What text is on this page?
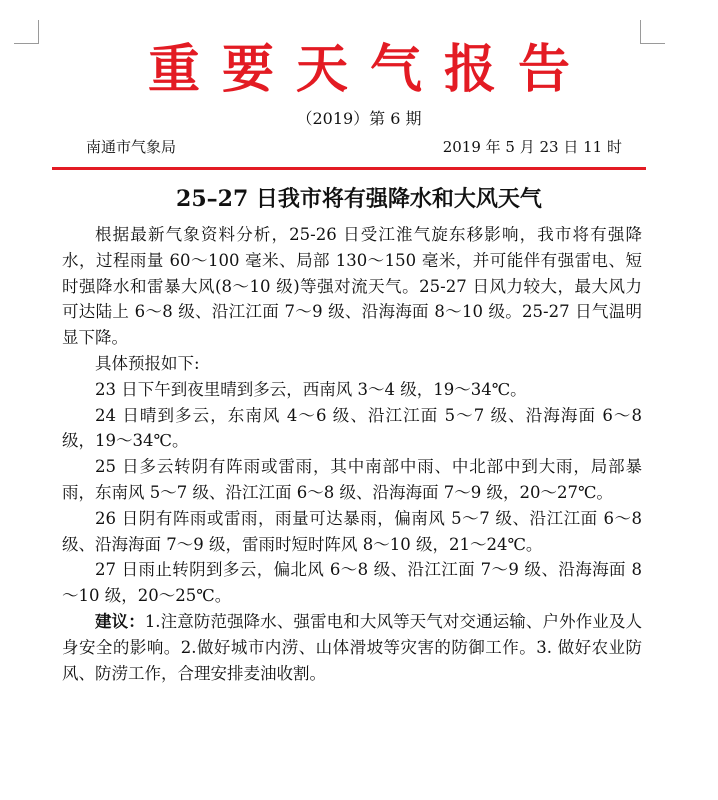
重要天气报告
（2019）第 6 期
南通市气象局	2019 年 5 月 23 日 11 时
25–27 日我市将有强降水和大风天气

根据最新气象资料分析，25-26 日受江淮气旋东移影响，我市将有强降水，过程雨量 60～100 毫米、局部 130～150 毫米，并可能伴有强雷电、短时强降水和雷暴大风(8～10 级)等强对流天气。25-27 日风力较大，最大风力可达陆上 6～8 级、沿江江面 7～9 级、沿海海面 8～10 级。25-27 日气温明显下降。

具体预报如下:

23 日下午到夜里晴到多云，西南风 3～4 级，19～34℃。

24 日晴到多云，东南风 4～6 级、沿江江面 5～7 级、沿海海面 6～8 级，19～34℃。

25 日多云转阴有阵雨或雷雨，其中南部中雨、中北部中到大雨，局部暴雨，东南风 5～7 级、沿江江面 6～8 级、沿海海面 7～9 级，20～27℃。

26 日阴有阵雨或雷雨，雨量可达暴雨，偏南风 5～7 级、沿江江面 6～8 级、沿海海面 7～9 级，雷雨时短时阵风 8～10 级，21～24℃。

27 日雨止转阴到多云，偏北风 6～8 级、沿江江面 7～9 级、沿海海面 8～10 级，20～25℃。

建议：1.注意防范强降水、强雷电和大风等天气对交通运输、户外作业及人身安全的影响。2.做好城市内涝、山体滑坡等灾害的防御工作。3. 做好农业防风、防涝工作，合理安排麦油收割。
